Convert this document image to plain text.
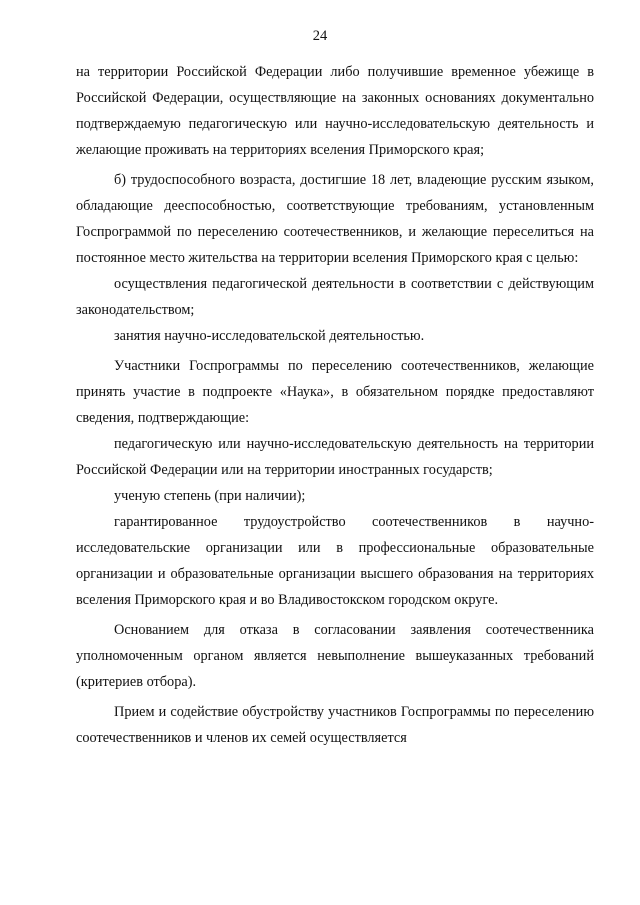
24

на территории Российской Федерации либо получившие временное убежище в Российской Федерации, осуществляющие на законных основаниях документально подтверждаемую педагогическую или научно-исследовательскую деятельность и желающие проживать на территориях вселения Приморского края;

б) трудоспособного возраста, достигшие 18 лет, владеющие русским языком, обладающие дееспособностью, соответствующие требованиям, установленным Госпрограммой по переселению соотечественников, и желающие переселиться на постоянное место жительства на территории вселения Приморского края с целью:

осуществления педагогической деятельности в соответствии с действующим законодательством;

занятия научно-исследовательской деятельностью.

Участники Госпрограммы по переселению соотечественников, желающие принять участие в подпроекте «Наука», в обязательном порядке предоставляют сведения, подтверждающие:

педагогическую или научно-исследовательскую деятельность на территории Российской Федерации или на территории иностранных государств;

ученую степень (при наличии);

гарантированное трудоустройство соотечественников в научно-исследовательские организации или в профессиональные образовательные организации и образовательные организации высшего образования на территориях вселения Приморского края и во Владивостокском городском округе.

Основанием для отказа в согласовании заявления соотечественника уполномоченным органом является невыполнение вышеуказанных требований (критериев отбора).

Прием и содействие обустройству участников Госпрограммы по переселению соотечественников и членов их семей осуществляется
